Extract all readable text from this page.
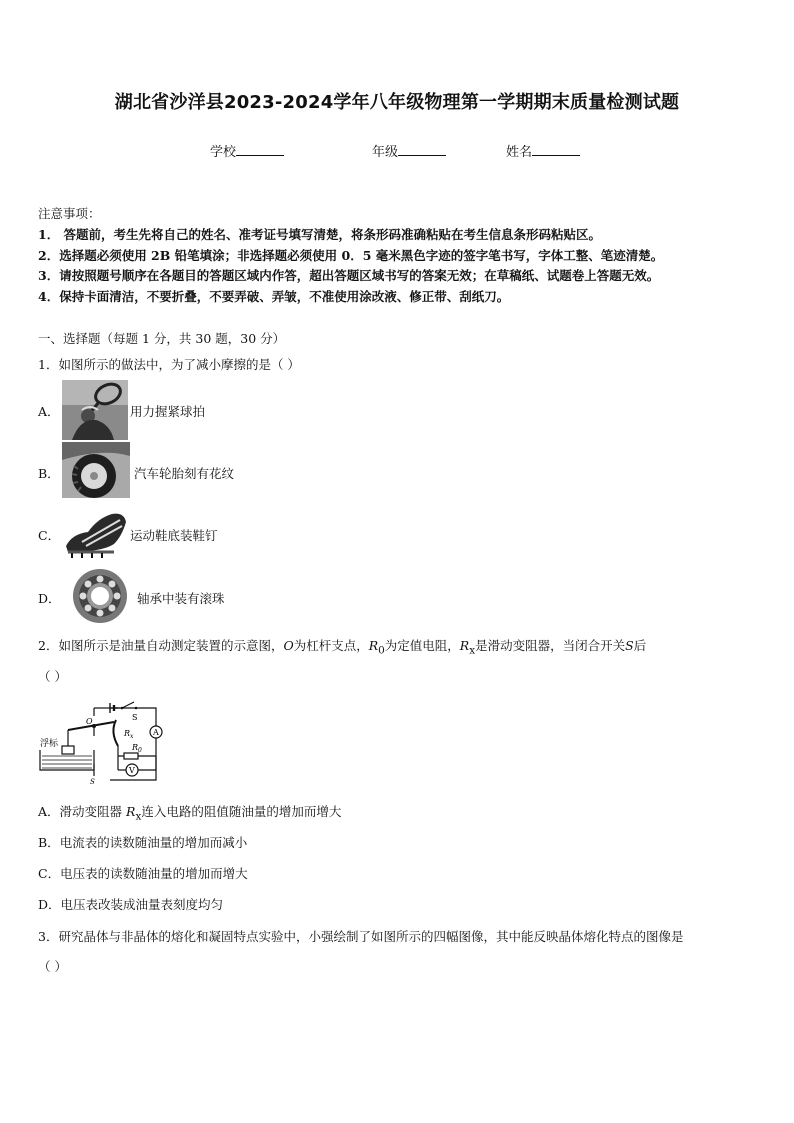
湖北省沙洋县2023-2024学年八年级物理第一学期期末质量检测试题
学校	年级	姓名
注意事项：
1． 答题前，考生先将自己的姓名、准考证号填写清楚，将条形码准确粘贴在考生信息条形码粘贴区。
2．选择题必须使用 2B 铅笔填涂；非选择题必须使用 0．5 毫米黑色字迹的签字笔书写，字体工整、笔迹清楚。
3．请按照题号顺序在各题目的答题区域内作答，超出答题区域书写的答案无效；在草稿纸、试题卷上答题无效。
4．保持卡面清洁，不要折叠，不要弄破、弄皱，不准使用涂改液、修正带、刮纸刀。
一、选择题（每题 1 分，共 30 题，30 分）
1．如图所示的做法中，为了减小摩擦的是（ ）
A．	用力握紧球拍
B．	汽车轮胎刻有花纹
C．	运动鞋底装鞋钉
D．	轴承中装有滚珠
2．如图所示是油量自动测定装置的示意图，O为杠杆支点，$R_0$为定值电阻，$R_x$是滑动变阻器，当闭合开关S后
（ ）
S
A
$R_x$
$R_0$
V
O
浮标
S
A．滑动变阻器 $R_x$连入电路的阻值随油量的增加而增大
B．电流表的读数随油量的增加而减小
C．电压表的读数随油量的增加而增大
D．电压表改装成油量表刻度均匀
3．研究晶体与非晶体的熔化和凝固特点实验中，小强绘制了如图所示的四幅图像，其中能反映晶体熔化特点的图像是
（ ）
